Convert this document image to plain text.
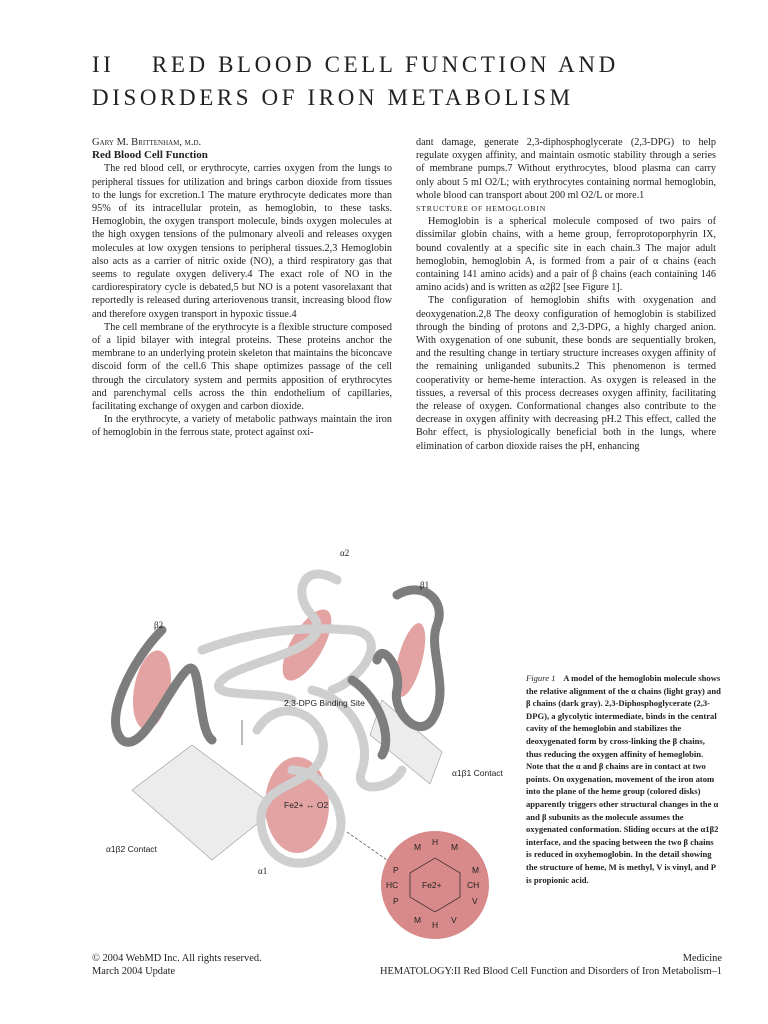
II    RED BLOOD CELL FUNCTION AND
DISORDERS OF IRON METABOLISM

Gary M. Brittenham, m.d.

Red Blood Cell Function

The red blood cell, or erythrocyte, carries oxygen from the lungs to peripheral tissues for utilization and brings carbon dioxide from tissues to the lungs for excretion.1 The mature erythrocyte dedicates more than 95% of its intracellular protein, as hemoglobin, to these tasks. Hemoglobin, the oxygen transport molecule, binds oxygen molecules at the high oxygen tensions of the pulmonary alveoli and releases oxygen molecules at low oxygen tensions to peripheral tissues.2,3 Hemoglobin also acts as a carrier of nitric oxide (NO), a third respiratory gas that seems to regulate oxygen delivery.4 The exact role of NO in the cardiorespiratory cycle is debated,5 but NO is a potent vasorelaxant that reportedly is released during arteriovenous transit, increasing blood flow and therefore oxygen transport in hypoxic tissue.4

The cell membrane of the erythrocyte is a flexible structure composed of a lipid bilayer with integral proteins. These proteins anchor the membrane to an underlying protein skeleton that maintains the biconcave discoid form of the cell.6 This shape optimizes passage of the cell through the circulatory system and permits apposition of erythrocytes and parenchymal cells across the thin endothelium of capillaries, facilitating exchange of oxygen and carbon dioxide.

In the erythrocyte, a variety of metabolic pathways maintain the iron of hemoglobin in the ferrous state, protect against oxi-

dant damage, generate 2,3-diphosphoglycerate (2,3-DPG) to help regulate oxygen affinity, and maintain osmotic stability through a series of membrane pumps.7 Without erythrocytes, blood plasma can carry only about 5 ml O2/L; with erythrocytes containing normal hemoglobin, whole blood can transport about 200 ml O2/L or more.1

STRUCTURE OF HEMOGLOBIN

Hemoglobin is a spherical molecule composed of two pairs of dissimilar globin chains, with a heme group, ferroprotoporphyrin IX, bound covalently at a specific site in each chain.3 The major adult hemoglobin, hemoglobin A, is formed from a pair of α chains (each containing 141 amino acids) and a pair of β chains (each containing 146 amino acids) and is written as α2β2 [see Figure 1].

The configuration of hemoglobin shifts with oxygenation and deoxygenation.2,8 The deoxy configuration of hemoglobin is stabilized through the binding of protons and 2,3-DPG, a highly charged anion. With oxygenation of one subunit, these bonds are sequentially broken, and the resulting change in tertiary structure increases oxygen affinity of the remaining unliganded subunits.2 This phenomenon is termed cooperativity or heme-heme interaction. As oxygen is released in the tissues, a reversal of this process decreases oxygen affinity, facilitating the release of oxygen. Conformational changes also contribute to the decrease in oxygen affinity with decreasing pH.2 This effect, called the Bohr effect, is physiologically beneficial both in the lungs, where elimination of carbon dioxide raises the pH, enhancing

2,3-DPG Binding Site
α2
β1
β2
α1
α1β1 Contact
α1β2 Contact
Fe2+ ↔ O2
M H M
P	M
HC	CH
Fe2+
P	V
M H V
Figure 1 A model of the hemoglobin molecule shows the relative alignment of the α chains (light gray) and β chains (dark gray). 2,3-Diphosphoglycerate (2,3-DPG), a glycolytic intermediate, binds in the central cavity of the hemoglobin and stabilizes the deoxygenated form by cross-linking the β chains, thus reducing the oxygen affinity of hemoglobin. Note that the α and β chains are in contact at two points. On oxygenation, movement of the iron atom into the plane of the heme group (colored disks) apparently triggers other structural changes in the α and β subunits as the molecule assumes the oxygenated conformation. Sliding occurs at the α1β2 interface, and the spacing between the two β chains is reduced in oxyhemoglobin. In the detail showing the structure of heme, M is methyl, V is vinyl, and P is propionic acid.
© 2004 WebMD Inc. All rights reserved.
March 2004 Update
Medicine
HEMATOLOGY:II Red Blood Cell Function and Disorders of Iron Metabolism–1
